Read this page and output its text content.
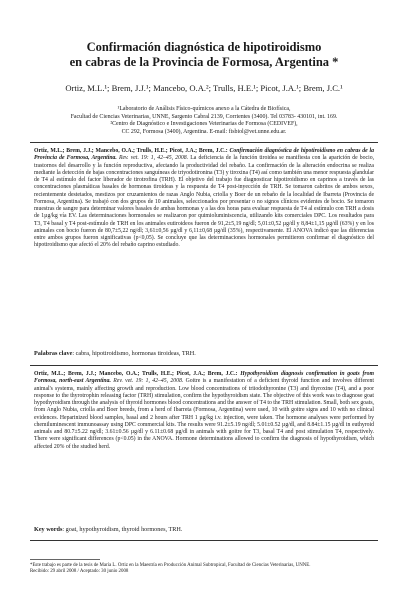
Confirmación diagnóstica de hipotiroidismo
en cabras de la Provincia de Formosa, Argentina *
Ortiz, M.L.¹; Brem, J.J.¹; Mancebo, O.A.²; Trulls, H.E.¹; Picot, J.A.¹; Brem, J.C.¹
¹Laboratorio de Análisis Físico-químicos anexo a la Cátedra de Biofísica,
Facultad de Ciencias Veterinarias, UNNE, Sargento Cabral 2139, Corrientes (3400). Tel 03783- 430101, int. 169.
²Centro de Diagnóstico e Investigaciones Veterinarias de Formosa (CEDIVEF),
CC 292, Formosa (3400), Argentina. E-mail: fisbiol@vet.unne.edu.ar.
Ortiz, M.L.; Brem, J.J.; Mancebo, O.A.; Trulls, H.E.; Picot, J.A.; Brem, J.C.: Confirmación diagnóstica de hipotiroidismo en cabras de la Provincia de Formosa, Argentina. Rev. vet. 19: 1, 42–45, 2008. La deficiencia de la función tiroidea se manifiesta con la aparición de bocio, trastornos del desarrollo y la función reproductiva, afectando la productividad del rebaño. La confirmación de la alteración endocrina se realiza mediante la detección de bajas concentraciones sanguíneas de triyodotironina (T3) y tiroxina (T4) así como también una menor respuesta glandular de T4 al estímulo del factor liberador de tirotrofina (TRH). El objetivo del trabajo fue diagnosticar hipotiroidismo en caprinos a través de las concentraciones plasmáticas basales de hormonas tiroideas y la respuesta de T4 post-inyección de TRH. Se tomaron cabritos de ambos sexos, recientemente destetados, mestizos por cruzamientos de razas Anglo Nubia, criolla y Boer de un rebaño de la localidad de Ibarreta (Provincia de Formosa, Argentina). Se trabajó con dos grupos de 10 animales, seleccionados por presentar o no signos clínicos evidentes de bocio. Se tomaron muestras de sangre para determinar valores basales de ambas hormonas y a las dos horas para evaluar respuesta de T4 al estímulo con TRH a dosis de 1µg/kg vía EV. Las determinaciones hormonales se realizaron por quimioluminiscencia, utilizando kits comerciales DPC. Los resultados para T3, T4 basal y T4 post-estímulo de TRH en los animales eutiroideos fueron de 91,2±5,19 ng/dl; 5,01±0,52 µg/dl y 8,84±1,15 µg/dl (63%) y en los animales con bocio fueron de 80,7±5,22 ng/dl; 3,61±0,56 µg/dl y 6,11±0,68 µg/dl (35%), respectivamente. El ANOVA indicó que las diferencias entre ambos grupos fueron significativas (p<0,05). Se concluye que las determinaciones hormonales permitieron confirmar el diagnóstico del hipotiroidismo que afectó el 20% del rebaño caprino estudiado.
Palabras clave: cabra, hipotiroidismo, hormonas tiroideas, TRH.
Ortiz, M.L.; Brem, J.J.; Mancebo, O.A.; Trulls, H.E.; Picot, J.A.; Brem, J.C.: Hypothyroidism diagnosis confirmation in goats from Formosa, north-east Argentina. Rev. vet. 19: 1, 42–45, 2008. Goitre is a manifestation of a deficient thyroid function and involves different animal's systems, mainly affecting growth and reproduction. Low blood concentrations of triiodothyronine (T3) and thyroxine (T4), and a poor response to the thyrotrophin releasing factor (TRH) stimulation, confirm the hypothyroidism state. The objective of this work was to diagnose goat hypothyroidism through the analysis of thyroid hormones blood concentrations and the answer of T4 to the TRH stimulation. Small, both sex goats, from Anglo Nubia, criolla and Boer breeds, from a herd of Ibarreta (Formosa, Argentina) were used, 10 with goitre signs and 10 with no clinical evidences. Heparinized blood samples, basal and 2 hours after TRH 1 µg/kg i.v. injection, were taken. The hormone analyses were performed by chemiluminescent immunoassay using DPC commercial kits. The results were 91.2±5.19 ng/dl; 5.01±0.52 µg/dl, and 8.84±1.15 µg/dl in euthyroid animals and 80.7±5.22 ng/dl; 3.61±0.56 µg/dl y 6.11±0.68 µg/dl in animals with goitre for T3, basal T4 and post stimulation T4, respectively. There were significant differences (p<0.05) in the ANOVA. Hormone determinations allowed to confirm the diagnosis of hypothyroidism, which affected 20% of the studied herd.
Key words: goat, hypothyroidism, thyroid hormones, TRH.
*Este trabajo es parte de la tesis de María L. Ortiz en la Maestría en Producción Animal Subtropical, Facultad de Ciencias Veterinarias, UNNE.
Recibido: 29 abril 2008 / Aceptado: 30 junio 2008
